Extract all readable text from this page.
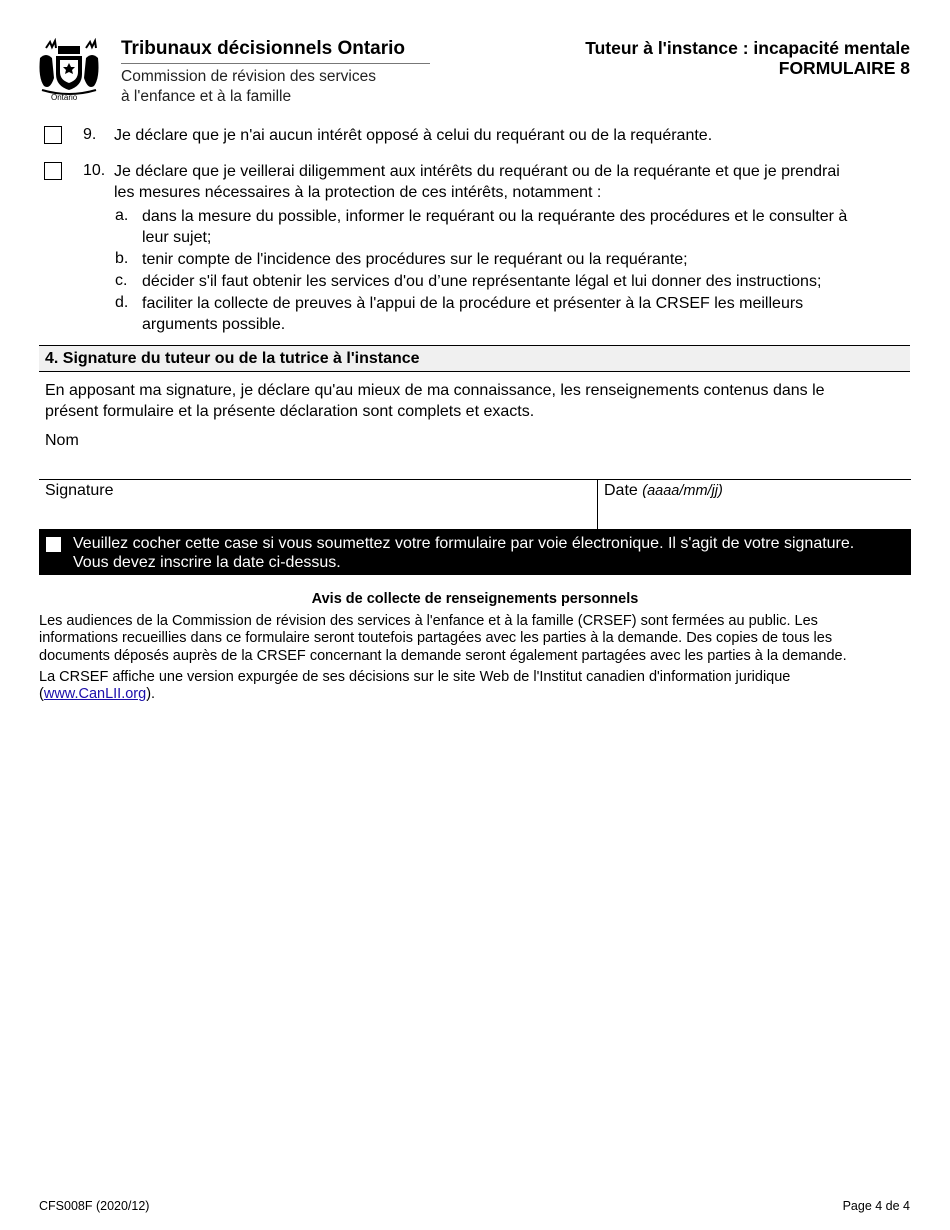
Ontario
Tribunaux décisionnels Ontario
Commission de révision des services
à l'enfance et à la famille
Tuteur à l'instance : incapacité mentale
FORMULAIRE 8
9. Je déclare que je n'ai aucun intérêt opposé à celui du requérant ou de la requérante.
10. Je déclare que je veillerai diligemment aux intérêts du requérant ou de la requérante et que je prendrai
les mesures nécessaires à la protection de ces intérêts, notamment :
a. dans la mesure du possible, informer le requérant ou la requérante des procédures et le consulter à
leur sujet;
b. tenir compte de l'incidence des procédures sur le requérant ou la requérante;
c. décider s'il faut obtenir les services d'ou d’une représentante légal et lui donner des instructions;
d. faciliter la collecte de preuves à l'appui de la procédure et présenter à la CRSEF les meilleurs
arguments possible.
4. Signature du tuteur ou de la tutrice à l'instance
En apposant ma signature, je déclare qu'au mieux de ma connaissance, les renseignements contenus dans le
présent formulaire et la présente déclaration sont complets et exacts.
Nom
Signature	Date (aaaa/mm/jj)
Veuillez cocher cette case si vous soumettez votre formulaire par voie électronique. Il s'agit de votre signature.
Vous devez inscrire la date ci-dessus.
Avis de collecte de renseignements personnels
Les audiences de la Commission de révision des services à l'enfance et à la famille (CRSEF) sont fermées au public. Les
informations recueillies dans ce formulaire seront toutefois partagées avec les parties à la demande. Des copies de tous les
documents déposés auprès de la CRSEF concernant la demande seront également partagées avec les parties à la demande.
La CRSEF affiche une version expurgée de ses décisions sur le site Web de l'Institut canadien d'information juridique
(www.CanLII.org).
CFS008F (2020/12)	Page 4 de 4
